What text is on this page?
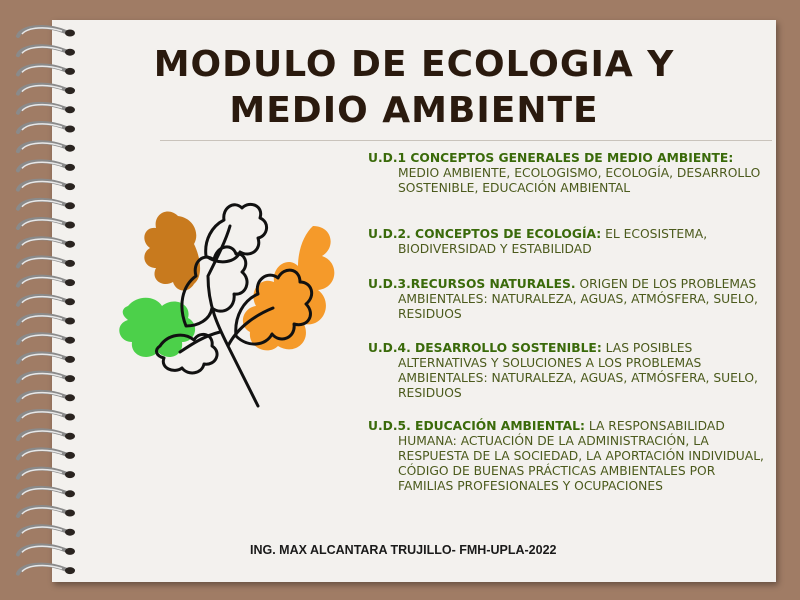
MODULO DE ECOLOGIA Y
MEDIO AMBIENTE
U.D.1 CONCEPTOS GENERALES DE MEDIO AMBIENTE: MEDIO AMBIENTE, ECOLOGISMO, ECOLOGÍA, DESARROLLO SOSTENIBLE, EDUCACIÓN AMBIENTAL
U.D.2. CONCEPTOS DE ECOLOGÍA: EL ECOSISTEMA, BIODIVERSIDAD Y ESTABILIDAD
U.D.3.RECURSOS NATURALES. ORIGEN DE LOS PROBLEMAS AMBIENTALES: NATURALEZA, AGUAS, ATMÓSFERA, SUELO, RESIDUOS
U.D.4. DESARROLLO SOSTENIBLE: LAS POSIBLES ALTERNATIVAS Y SOLUCIONES A LOS PROBLEMAS AMBIENTALES: NATURALEZA, AGUAS, ATMÓSFERA, SUELO, RESIDUOS
U.D.5. EDUCACIÓN AMBIENTAL: LA RESPONSABILIDAD HUMANA: ACTUACIÓN DE LA ADMINISTRACIÓN, LA RESPUESTA DE LA SOCIEDAD, LA APORTACIÓN INDIVIDUAL, CÓDIGO DE BUENAS PRÁCTICAS AMBIENTALES POR FAMILIAS PROFESIONALES Y OCUPACIONES

ING. MAX ALCANTARA TRUJILLO- FMH-UPLA-2022
